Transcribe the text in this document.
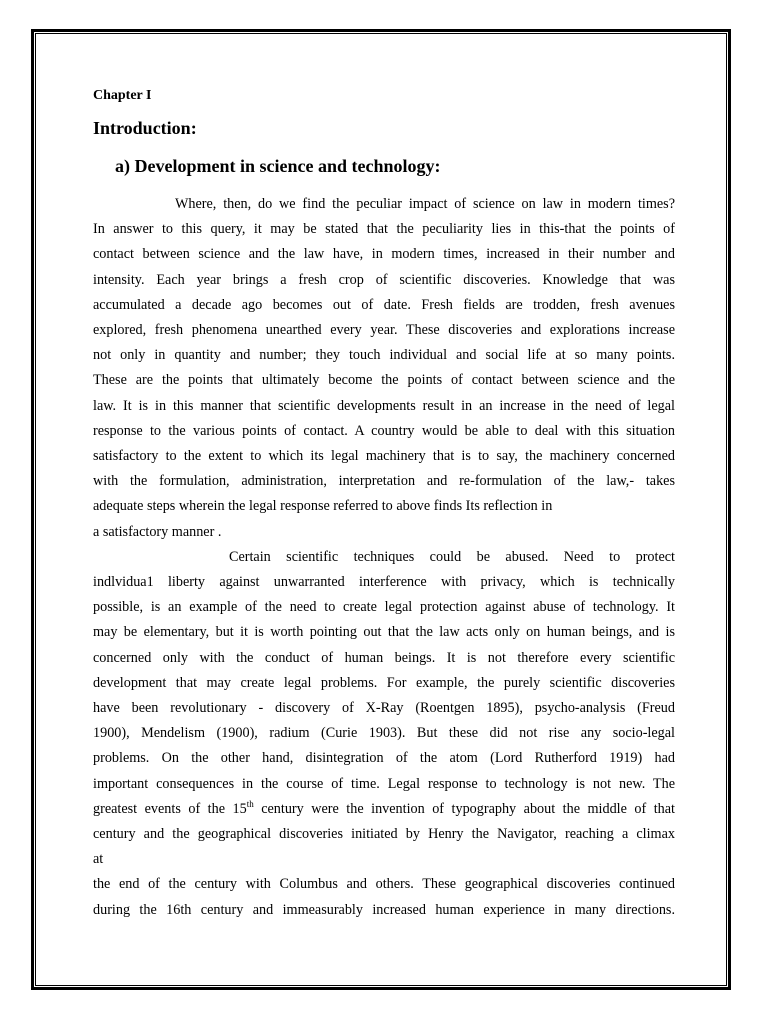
Chapter I

Introduction:

a) Development in science and technology:

Where, then, do we find the peculiar impact of science on law in modern times?
In answer to this query, it may be stated that the peculiarity lies in this-that the points of
contact between science and the law have, in modern times, increased in their number and
intensity. Each year brings a fresh crop of scientific discoveries. Knowledge that was
accumulated a decade ago becomes out of date. Fresh fields are trodden, fresh avenues
explored, fresh phenomena unearthed every year. These discoveries and explorations increase
not only in quantity and number; they touch individual and social life at so many points.
These are the points that ultimately become the points of contact between science and the
law. It is in this manner that scientific developments result in an increase in the need of legal
response to the various points of contact. A country would be able to deal with this situation
satisfactory to the extent to which its legal machinery that is to say, the machinery concerned
with the formulation, administration, interpretation and re-formulation of the law,- takes
adequate steps wherein the legal response referred to above finds Its reflection in
a satisfactory manner .
Certain scientific techniques could be abused. Need to protect
indlvidua1 liberty against unwarranted interference with privacy, which is technically
possible, is an example of the need to create legal protection against abuse of technology. It
may be elementary, but it is worth pointing out that the law acts only on human beings, and is
concerned only with the conduct of human beings. It is not therefore every scientific
development that may create legal problems. For example, the purely scientific discoveries
have been revolutionary - discovery of X-Ray (Roentgen 1895), psycho-analysis (Freud
1900), Mendelism (1900), radium (Curie 1903). But these did not rise any socio-legal
problems. On the other hand, disintegration of the atom (Lord Rutherford 1919) had
important consequences in the course of time. Legal response to technology is not new. The
greatest events of the 15th century were the invention of typography about the middle of that
century and the geographical discoveries initiated by Henry the Navigator, reaching a climax
at
the end of the century with Columbus and others. These geographical discoveries continued
during the 16th century and immeasurably increased human experience in many directions.
